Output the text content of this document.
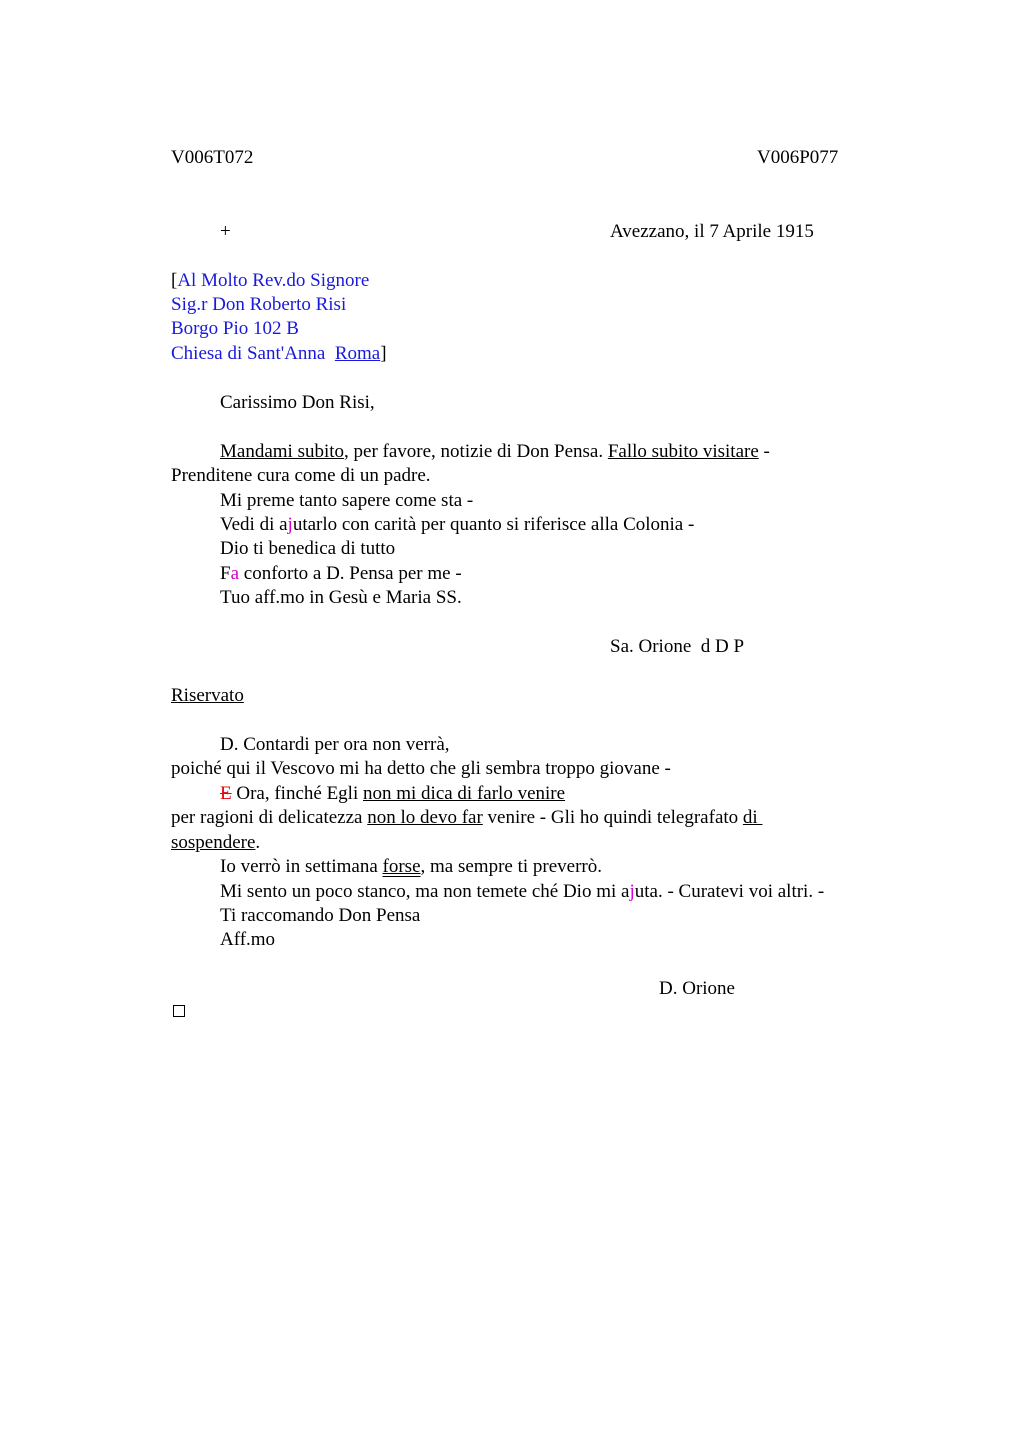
V006T072	V006P077
+	Avezzano, il 7 Aprile 1915
[Al Molto Rev.do Signore
Sig.r Don Roberto Risi
Borgo Pio 102 B
Chiesa di Sant'Anna  Roma]
Carissimo Don Risi,
Mandami subito, per favore, notizie di Don Pensa. Fallo subito visitare -
Prenditene cura come di un padre.
Mi preme tanto sapere come sta -
Vedi di ajutarlo con carità per quanto si riferisce alla Colonia -
Dio ti benedica di tutto
Fa conforto a D. Pensa per me -
Tuo aff.mo in Gesù e Maria SS.
Sa. Orione  d D P
Riservato
D. Contardi per ora non verrà,
poiché qui il Vescovo mi ha detto che gli sembra troppo giovane -
E Ora, finché Egli non mi dica di farlo venire
per ragioni di delicatezza non lo devo far venire - Gli ho quindi telegrafato di
sospendere.
Io verrò in settimana forse, ma sempre ti preverrò.
Mi sento un poco stanco, ma non temete ché Dio mi ajuta. - Curatevi voi altri. -
Ti raccomando Don Pensa
Aff.mo
D. Orione
